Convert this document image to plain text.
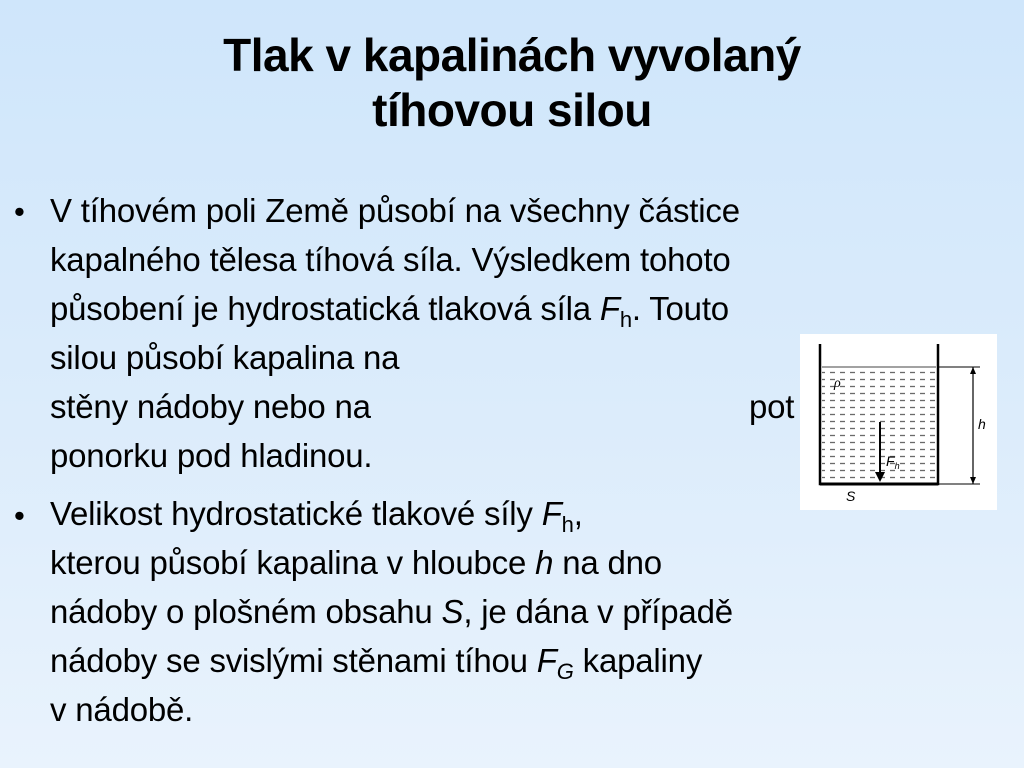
Tlak v kapalinách vyvolaný
tíhovou silou
• V tíhovém poli Země působí na všechny částice
kapalného tělesa tíhová síla. Výsledkem tohoto
působení je hydrostatická tlaková síla $F_h$. Touto
silou působí kapalina na
stěny nádoby nebo na	pot
ponorku pod hladinou.
• Velikost hydrostatické tlakové síly $F_h$,
kterou působí kapalina v hloubce h na dno
nádoby o plošném obsahu S, je dána v případě
nádoby se svislými stěnami tíhou $F_G$ kapaliny
v nádobě.
h
ρ
$F_h$
S
